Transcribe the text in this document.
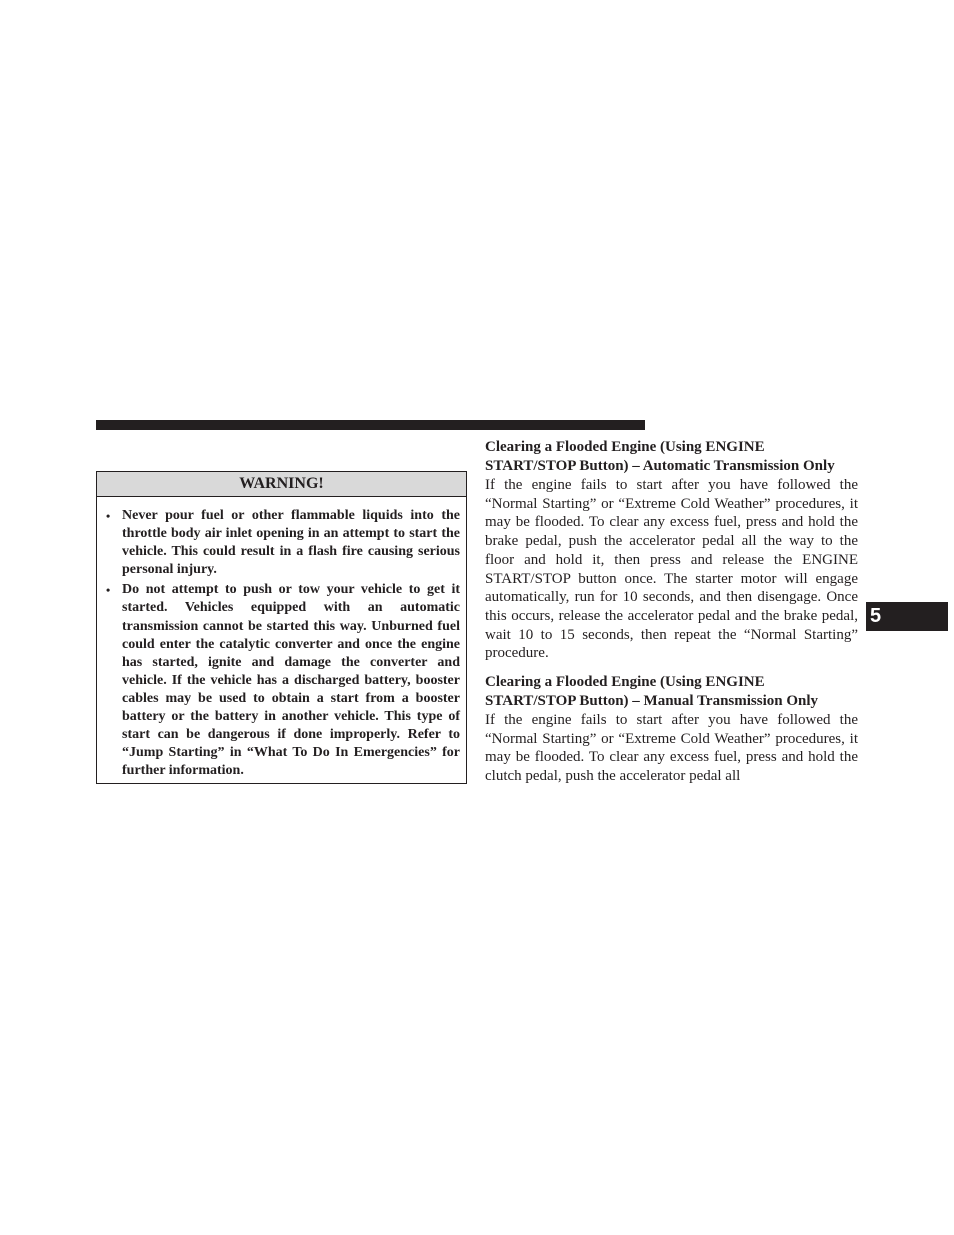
WARNING!
• Never pour fuel or other flammable liquids into the throttle body air inlet opening in an attempt to start the vehicle. This could result in a flash fire causing serious personal injury.
• Do not attempt to push or tow your vehicle to get it started. Vehicles equipped with an automatic transmission cannot be started this way. Unburned fuel could enter the catalytic converter and once the engine has started, ignite and damage the converter and vehicle. If the vehicle has a discharged battery, booster cables may be used to obtain a start from a booster battery or the battery in another vehicle. This type of start can be dangerous if done improperly. Refer to “Jump Starting” in “What To Do In Emergencies” for further information.
Clearing a Flooded Engine (Using ENGINE START/STOP Button) – Automatic Transmission Only

If the engine fails to start after you have followed the “Normal Starting” or “Extreme Cold Weather” procedures, it may be flooded. To clear any excess fuel, press and hold the brake pedal, push the accelerator pedal all the way to the floor and hold it, then press and release the ENGINE START/STOP button once. The starter motor will engage automatically, run for 10 seconds, and then disengage. Once this occurs, release the accelerator pedal and the brake pedal, wait 10 to 15 seconds, then repeat the “Normal Starting” procedure.

Clearing a Flooded Engine (Using ENGINE START/STOP Button) – Manual Transmission Only

If the engine fails to start after you have followed the “Normal Starting” or “Extreme Cold Weather” procedures, it may be flooded. To clear any excess fuel, press and hold the clutch pedal, push the accelerator pedal all

5
